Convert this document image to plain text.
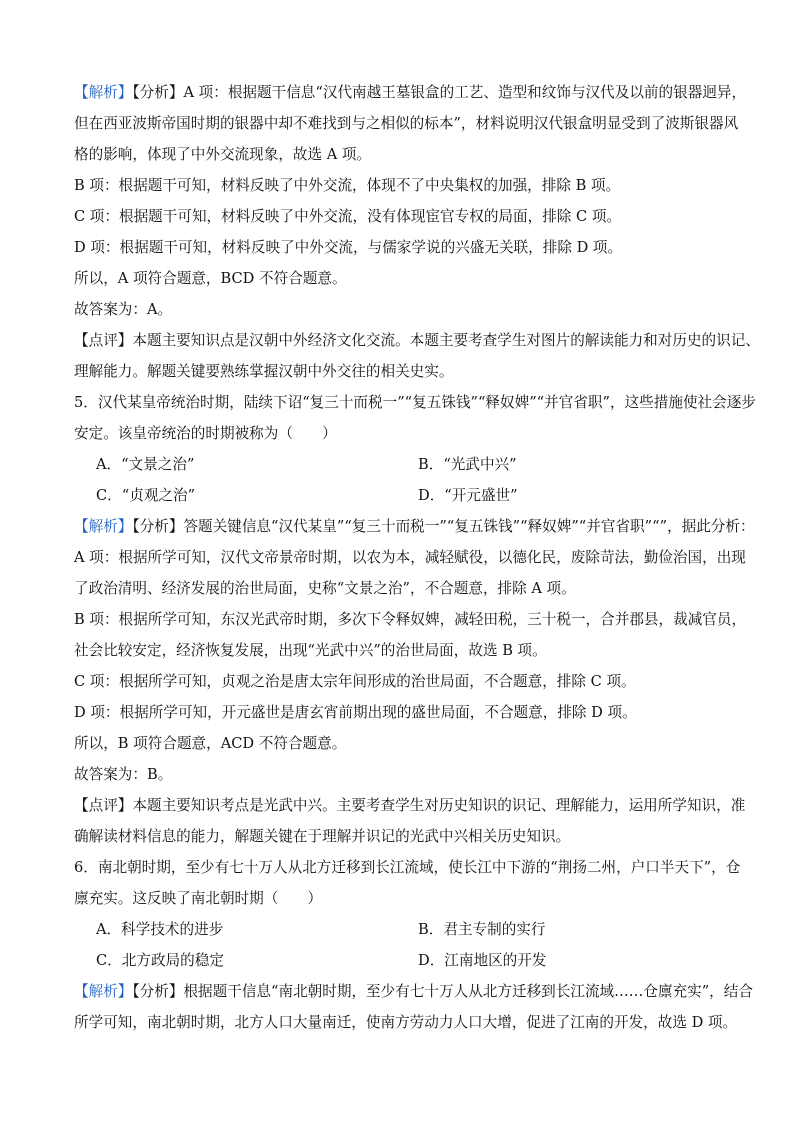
【解析】【分析】A 项：根据题干信息“汉代南越王墓银盒的工艺、造型和纹饰与汉代及以前的银器迥异，
但在西亚波斯帝国时期的银器中却不难找到与之相似的标本”，材料说明汉代银盒明显受到了波斯银器风
格的影响，体现了中外交流现象，故选 A 项。
B 项：根据题干可知，材料反映了中外交流，体现不了中央集权的加强，排除 B 项。
C 项：根据题干可知，材料反映了中外交流，没有体现宦官专权的局面，排除 C 项。
D 项：根据题干可知，材料反映了中外交流，与儒家学说的兴盛无关联，排除 D 项。
所以，A 项符合题意，BCD 不符合题意。
故答案为：A。
【点评】本题主要知识点是汉朝中外经济文化交流。本题主要考查学生对图片的解读能力和对历史的识记、
理解能力。解题关键要熟练掌握汉朝中外交往的相关史实。
5．汉代某皇帝统治时期，陆续下诏“复三十而税一”“复五铢钱”“释奴婢”“并官省职”，这些措施使社会逐步
安定。该皇帝统治的时期被称为（　　）
A．“文景之治”	B．“光武中兴”
C．“贞观之治”	D．“开元盛世”
【解析】【分析】答题关键信息“汉代某皇”“复三十而税一”“复五铢钱”“释奴婢”“并官省职”“”，据此分析：
A 项：根据所学可知，汉代文帝景帝时期，以农为本，减轻赋役，以德化民，废除苛法，勤俭治国，出现
了政治清明、经济发展的治世局面，史称“文景之治”，不合题意，排除 A 项。
B 项：根据所学可知，东汉光武帝时期，多次下令释奴婢，减轻田税，三十税一，合并郡县，裁减官员，
社会比较安定，经济恢复发展，出现“光武中兴”的治世局面，故选 B 项。
C 项：根据所学可知，贞观之治是唐太宗年间形成的治世局面，不合题意，排除 C 项。
D 项：根据所学可知，开元盛世是唐玄宵前期出现的盛世局面，不合题意，排除 D 项。
所以，B 项符合题意，ACD 不符合题意。
故答案为：B。
【点评】本题主要知识考点是光武中兴。主要考查学生对历史知识的识记、理解能力，运用所学知识，准
确解读材料信息的能力，解题关键在于理解并识记的光武中兴相关历史知识。
6．南北朝时期，至少有七十万人从北方迁移到长江流域，使长江中下游的“荆扬二州，户口半天下”，仓
廪充实。这反映了南北朝时期（　　）
A．科学技术的进步	B．君主专制的实行
C．北方政局的稳定	D．江南地区的开发
【解析】【分析】根据题干信息“南北朝时期，至少有七十万人从北方迁移到长江流域……仓廪充实”，结合
所学可知，南北朝时期，北方人口大量南迁，使南方劳动力人口大增，促进了江南的开发，故选 D 项。
